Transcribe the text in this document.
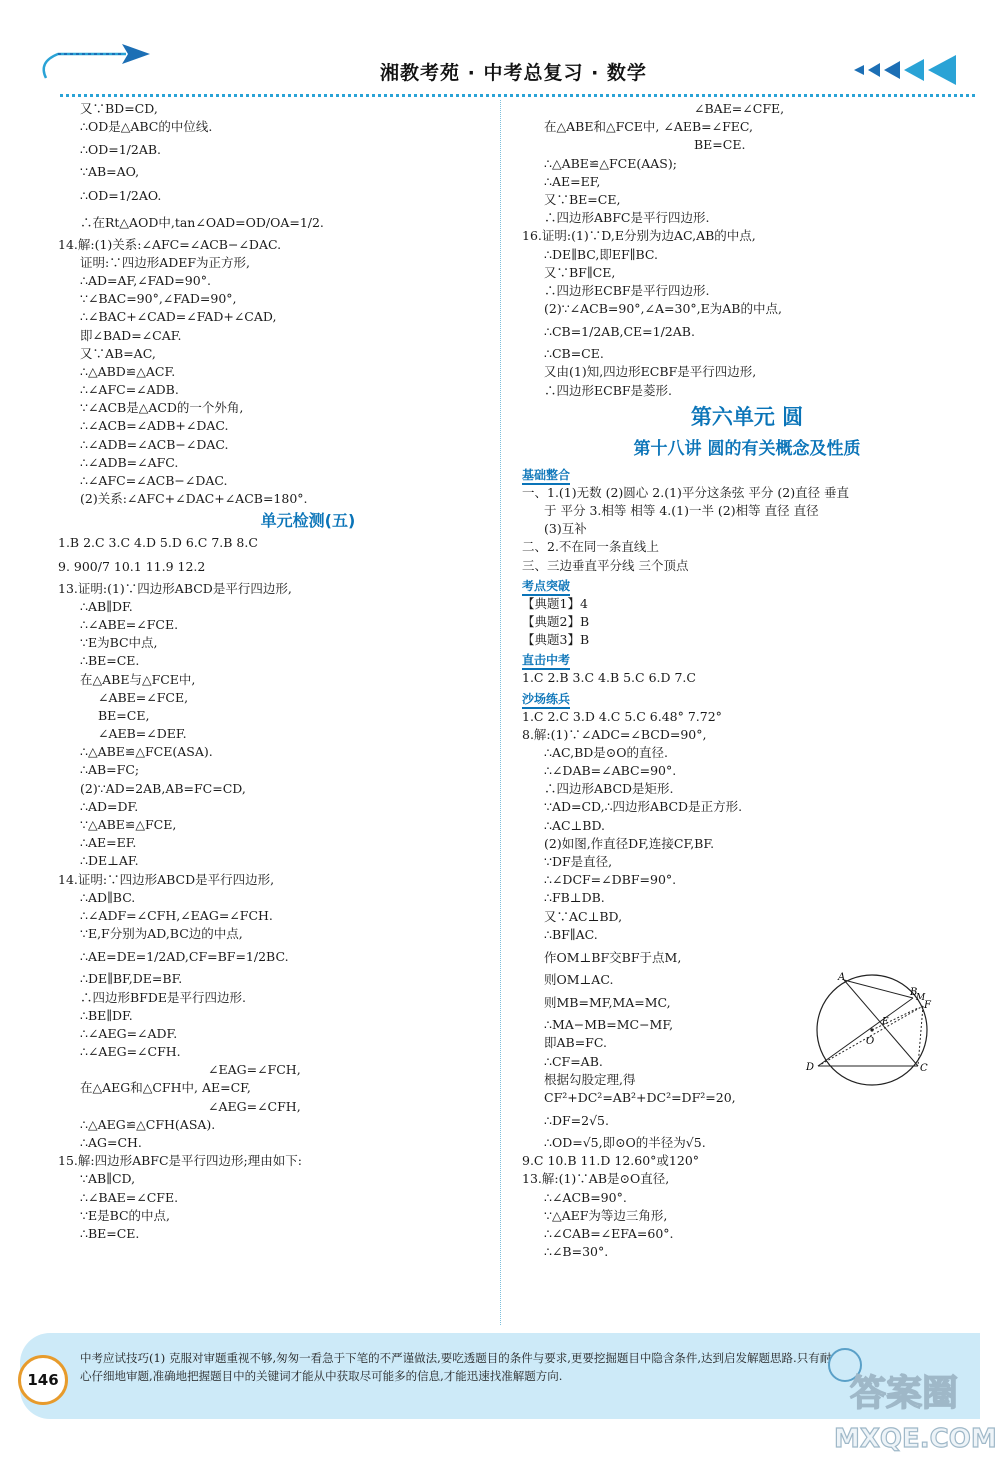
湘教考苑 · 中考总复习 · 数学
又∵BD=CD,
∴OD是△ABC的中位线.
∴OD=1/2AB.
∵AB=AO,
∴OD=1/2AO.
∴在Rt△AOD中,tan∠OAD=OD/OA=1/2.
14.解:(1)关系:∠AFC=∠ACB−∠DAC.
证明:∵四边形ADEF为正方形,
∴AD=AF,∠FAD=90°.
∵∠BAC=90°,∠FAD=90°,
∴∠BAC+∠CAD=∠FAD+∠CAD,
即∠BAD=∠CAF.
又∵AB=AC,
∴△ABD≌△ACF.
∴∠AFC=∠ADB.
∵∠ACB是△ACD的一个外角,
∴∠ACB=∠ADB+∠DAC.
∴∠ADB=∠ACB−∠DAC.
∴∠ADB=∠AFC.
∴∠AFC=∠ACB−∠DAC.
(2)关系:∠AFC+∠DAC+∠ACB=180°.
单元检测(五)
1.B 2.C 3.C 4.D 5.D 6.C 7.B 8.C
9. 900/7 10.1 11.9 12.2
13.证明:(1)∵四边形ABCD是平行四边形,
∴AB∥DF.
∴∠ABE=∠FCE.
∵E为BC中点,
∴BE=CE.
在△ABE与△FCE中,
∠ABE=∠FCE,
BE=CE,
∠AEB=∠DEF.
∴△ABE≌△FCE(ASA).
∴AB=FC;
(2)∵AD=2AB,AB=FC=CD,
∴AD=DF.
∵△ABE≌△FCE,
∴AE=EF.
∴DE⊥AF.
14.证明:∵四边形ABCD是平行四边形,
∴AD∥BC.
∴∠ADF=∠CFH,∠EAG=∠FCH.
∵E,F分别为AD,BC边的中点,
∴AE=DE=1/2AD,CF=BF=1/2BC.
∴DE∥BF,DE=BF.
∴四边形BFDE是平行四边形.
∴BE∥DF.
∴∠AEG=∠ADF.
∴∠AEG=∠CFH.
∠EAG=∠FCH,
在△AEG和△CFH中, AE=CF,
∠AEG=∠CFH,
∴△AEG≌△CFH(ASA).
∴AG=CH.
15.解:四边形ABFC是平行四边形;理由如下:
∵AB∥CD,
∴∠BAE=∠CFE.
∵E是BC的中点,
∴BE=CE.
∠BAE=∠CFE,
在△ABE和△FCE中, ∠AEB=∠FEC,
BE=CE.
∴△ABE≌△FCE(AAS);
∴AE=EF,
又∵BE=CE,
∴四边形ABFC是平行四边形.
16.证明:(1)∵D,E分别为边AC,AB的中点,
∴DE∥BC,即EF∥BC.
又∵BF∥CE,
∴四边形ECBF是平行四边形.
(2)∵∠ACB=90°,∠A=30°,E为AB的中点,
∴CB=1/2AB,CE=1/2AB.
∴CB=CE.
又由(1)知,四边形ECBF是平行四边形,
∴四边形ECBF是菱形.
第六单元 圆
第十八讲 圆的有关概念及性质
基础整合
一、1.(1)无数 (2)圆心 2.(1)平分这条弦 平分 (2)直径 垂直
于 平分 3.相等 相等 4.(1)一半 (2)相等 直径 直径
(3)互补
二、2.不在同一条直线上
三、三边垂直平分线 三个顶点
考点突破
【典题1】4
【典题2】B
【典题3】B
直击中考
1.C 2.B 3.C 4.B 5.C 6.D 7.C
沙场练兵
1.C 2.C 3.D 4.C 5.C 6.48° 7.72°
8.解:(1)∵∠ADC=∠BCD=90°,
∴AC,BD是⊙O的直径.
∴∠DAB=∠ABC=90°.
∴四边形ABCD是矩形.
∵AD=CD,∴四边形ABCD是正方形.
∴AC⊥BD.
(2)如图,作直径DF,连接CF,BF.
∵DF是直径,
∴∠DCF=∠DBF=90°.
∴FB⊥DB.
又∵AC⊥BD,
∴BF∥AC.
作OM⊥BF交BF于点M,
则OM⊥AC.
则MB=MF,MA=MC,
∴MA−MB=MC−MF,
即AB=FC.
∴CF=AB.
根据勾股定理,得
CF²+DC²=AB²+DC²=DF²=20,
∴DF=2√5.
∴OD=√5,即⊙O的半径为√5.
9.C 10.B 11.D 12.60°或120°
13.解:(1)∵AB是⊙O直径,
∴∠ACB=90°.
∵△AEF为等边三角形,
∴∠CAB=∠EFA=60°.
∴∠B=30°.
A
B
M
F
E
O
D	C
146
中考应试技巧(1) 克服对审题重视不够,匆匆一看急于下笔的不严谨做法,要吃透题目的条件与要求,更要挖掘题目中隐含条件,达到启发解题思路.只有耐心仔细地审题,准确地把握题目中的关键词才能从中获取尽可能多的信息,才能迅速找准解题方向.	答案圈
MXQE.COM
